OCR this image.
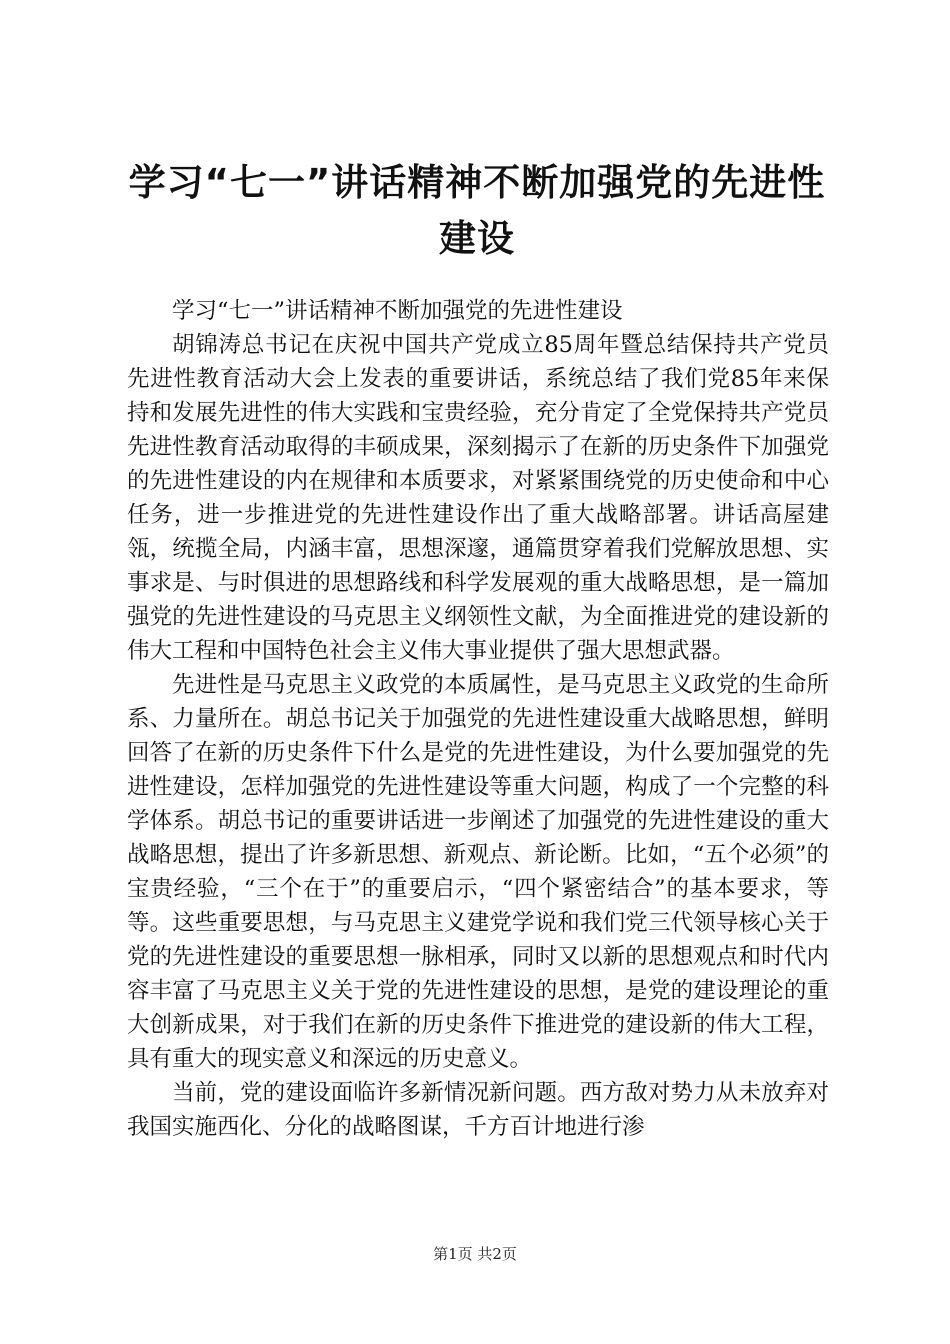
学习“七一”讲话精神不断加强党的先进性建设

学习“七一”讲话精神不断加强党的先进性建设

胡锦涛总书记在庆祝中国共产党成立85周年暨总结保持共产党员先进性教育活动大会上发表的重要讲话，系统总结了我们党85年来保持和发展先进性的伟大实践和宝贵经验，充分肯定了全党保持共产党员先进性教育活动取得的丰硕成果，深刻揭示了在新的历史条件下加强党的先进性建设的内在规律和本质要求，对紧紧围绕党的历史使命和中心任务，进一步推进党的先进性建设作出了重大战略部署。讲话高屋建瓴，统揽全局，内涵丰富，思想深邃，通篇贯穿着我们党解放思想、实事求是、与时俱进的思想路线和科学发展观的重大战略思想，是一篇加强党的先进性建设的马克思主义纲领性文献，为全面推进党的建设新的伟大工程和中国特色社会主义伟大事业提供了强大思想武器。

先进性是马克思主义政党的本质属性，是马克思主义政党的生命所系、力量所在。胡总书记关于加强党的先进性建设重大战略思想，鲜明回答了在新的历史条件下什么是党的先进性建设，为什么要加强党的先进性建设，怎样加强党的先进性建设等重大问题，构成了一个完整的科学体系。胡总书记的重要讲话进一步阐述了加强党的先进性建设的重大战略思想，提出了许多新思想、新观点、新论断。比如，“五个必须”的宝贵经验，“三个在于”的重要启示，“四个紧密结合”的基本要求，等等。这些重要思想，与马克思主义建党学说和我们党三代领导核心关于党的先进性建设的重要思想一脉相承，同时又以新的思想观点和时代内容丰富了马克思主义关于党的先进性建设的思想，是党的建设理论的重大创新成果，对于我们在新的历史条件下推进党的建设新的伟大工程，具有重大的现实意义和深远的历史意义。

当前，党的建设面临许多新情况新问题。西方敌对势力从未放弃对我国实施西化、分化的战略图谋，千方百计地进行渗

第1页 共2页
